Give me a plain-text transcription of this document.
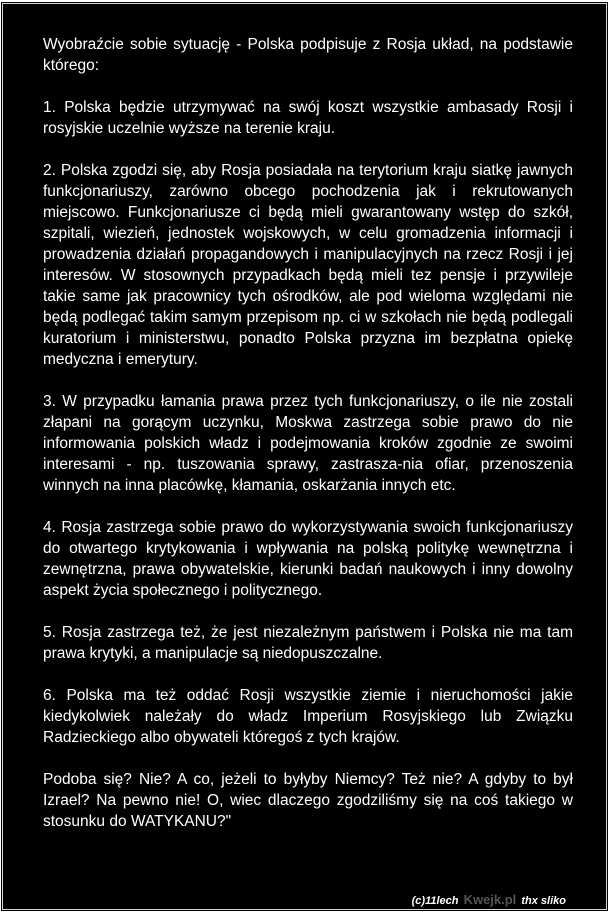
Wyobraźcie sobie sytuację - Polska podpisuje z Rosja układ, na podstawie którego:

1. Polska będzie utrzymywać na swój koszt wszystkie ambasady Rosji i rosyjskie uczelnie wyższe na terenie kraju.

2. Polska zgodzi się, aby Rosja posiadała na terytorium kraju siatkę jawnych funkcjonariuszy, zarówno obcego pochodzenia jak i rekrutowanych miejscowo. Funkcjonariusze ci będą mieli gwarantowany wstęp do szkół, szpitali, wiezień, jednostek wojskowych, w celu gromadzenia informacji i prowadzenia działań propagandowych i manipulacyjnych na rzecz Rosji i jej interesów. W stosownych przypadkach będą mieli tez pensje i przywileje takie same jak pracownicy tych ośrodków, ale pod wieloma względami nie będą podlegać takim samym przepisom np. ci w szkołach nie będą podlegali kuratorium i ministerstwu, ponadto Polska przyzna im bezpłatna opiekę medyczna i emerytury.

3. W przypadku łamania prawa przez tych funkcjonariuszy, o ile nie zostali złapani na gorącym uczynku, Moskwa zastrzega sobie prawo do nie informowania polskich władz i podejmowania kroków zgodnie ze swoimi interesami - np. tuszowania sprawy, zastrasza-nia ofiar, przenoszenia winnych na inna placówkę, kłamania, oskarżania innych etc.

4. Rosja zastrzega sobie prawo do wykorzystywania swoich funkcjonariuszy do otwartego krytykowania i wpływania na polską politykę wewnętrzna i zewnętrzna, prawa obywatelskie, kierunki badań naukowych i inny dowolny aspekt życia społecznego i politycznego.

5. Rosja zastrzega też, że jest niezależnym państwem i Polska nie ma tam prawa krytyki, a manipulacje są niedopuszczalne.

6. Polska ma też oddać Rosji wszystkie ziemie i nieruchomości jakie kiedykolwiek należały do władz Imperium Rosyjskiego lub Związku Radzieckiego albo obywateli któregoś z tych krajów.

Podoba się? Nie? A co, jeżeli to byłyby Niemcy? Też nie? A gdyby to był Izrael? Na pewno nie! O, wiec dlaczego zgodziliśmy się na coś takiego w stosunku do WATYKANU?"

(c)11lech Kwejk.pl thx sliko
